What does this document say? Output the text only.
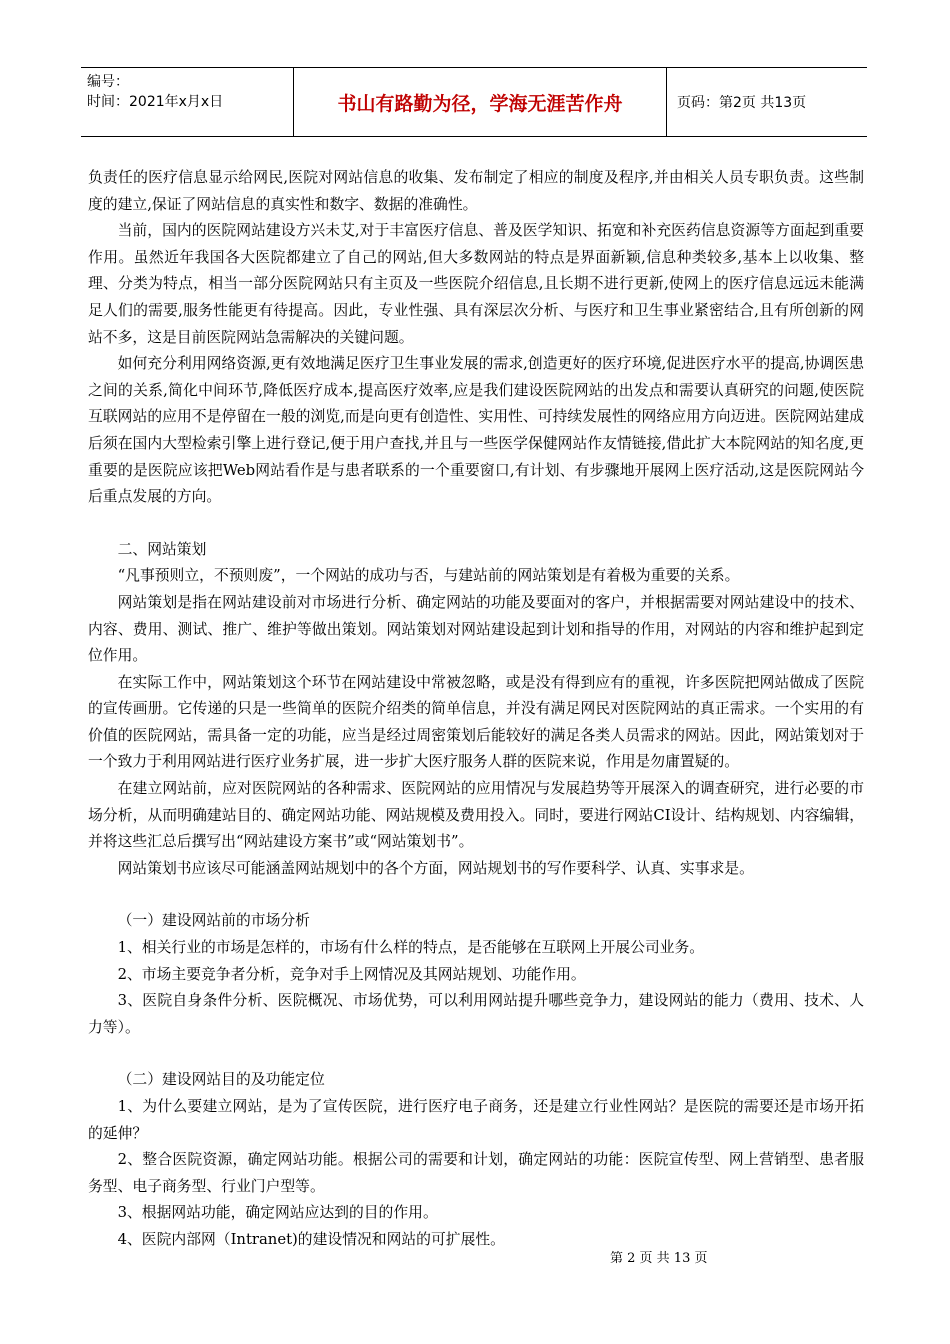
编号：
时间：2021年x月x日	书山有路勤为径，学海无涯苦作舟	页码：第2页 共13页

负责任的医疗信息显示给网民,医院对网站信息的收集、发布制定了相应的制度及程序,并由相关人员专职负责。这些制度的建立,保证了网站信息的真实性和数字、数据的准确性。

当前，国内的医院网站建设方兴未艾,对于丰富医疗信息、普及医学知识、拓宽和补充医药信息资源等方面起到重要作用。虽然近年我国各大医院都建立了自己的网站,但大多数网站的特点是界面新颖,信息种类较多,基本上以收集、整理、分类为特点，相当一部分医院网站只有主页及一些医院介绍信息,且长期不进行更新,使网上的医疗信息远远未能满足人们的需要,服务性能更有待提高。因此，专业性强、具有深层次分析、与医疗和卫生事业紧密结合,且有所创新的网站不多，这是目前医院网站急需解决的关键问题。

如何充分利用网络资源,更有效地满足医疗卫生事业发展的需求,创造更好的医疗环境,促进医疗水平的提高,协调医患之间的关系,简化中间环节,降低医疗成本,提高医疗效率,应是我们建设医院网站的出发点和需要认真研究的问题,使医院互联网站的应用不是停留在一般的浏览,而是向更有创造性、实用性、可持续发展性的网络应用方向迈进。医院网站建成后须在国内大型检索引擎上进行登记,便于用户查找,并且与一些医学保健网站作友情链接,借此扩大本院网站的知名度,更重要的是医院应该把Web网站看作是与患者联系的一个重要窗口,有计划、有步骤地开展网上医疗活动,这是医院网站今后重点发展的方向。

二、网站策划

“凡事预则立，不预则废”，一个网站的成功与否，与建站前的网站策划是有着极为重要的关系。

网站策划是指在网站建设前对市场进行分析、确定网站的功能及要面对的客户，并根据需要对网站建设中的技术、内容、费用、测试、推广、维护等做出策划。网站策划对网站建设起到计划和指导的作用，对网站的内容和维护起到定位作用。

在实际工作中，网站策划这个环节在网站建设中常被忽略，或是没有得到应有的重视，许多医院把网站做成了医院的宣传画册。它传递的只是一些简单的医院介绍类的简单信息，并没有满足网民对医院网站的真正需求。一个实用的有价值的医院网站，需具备一定的功能，应当是经过周密策划后能较好的满足各类人员需求的网站。因此，网站策划对于一个致力于利用网站进行医疗业务扩展，进一步扩大医疗服务人群的医院来说，作用是勿庸置疑的。

在建立网站前，应对医院网站的各种需求、医院网站的应用情况与发展趋势等开展深入的调查研究，进行必要的市场分析，从而明确建站目的、确定网站功能、网站规模及费用投入。同时，要进行网站CI设计、结构规划、内容编辑，并将这些汇总后撰写出“网站建设方案书”或“网站策划书”。

网站策划书应该尽可能涵盖网站规划中的各个方面，网站规划书的写作要科学、认真、实事求是。

（一）建设网站前的市场分析

1、相关行业的市场是怎样的，市场有什么样的特点，是否能够在互联网上开展公司业务。

2、市场主要竞争者分析，竞争对手上网情况及其网站规划、功能作用。

3、医院自身条件分析、医院概况、市场优势，可以利用网站提升哪些竞争力，建设网站的能力（费用、技术、人力等）。

（二）建设网站目的及功能定位

1、为什么要建立网站，是为了宣传医院，进行医疗电子商务，还是建立行业性网站？是医院的需要还是市场开拓的延伸？

2、整合医院资源，确定网站功能。根据公司的需要和计划，确定网站的功能：医院宣传型、网上营销型、患者服务型、电子商务型、行业门户型等。

3、根据网站功能，确定网站应达到的目的作用。

4、医院内部网（Intranet)的建设情况和网站的可扩展性。

第 2 页 共 13 页
